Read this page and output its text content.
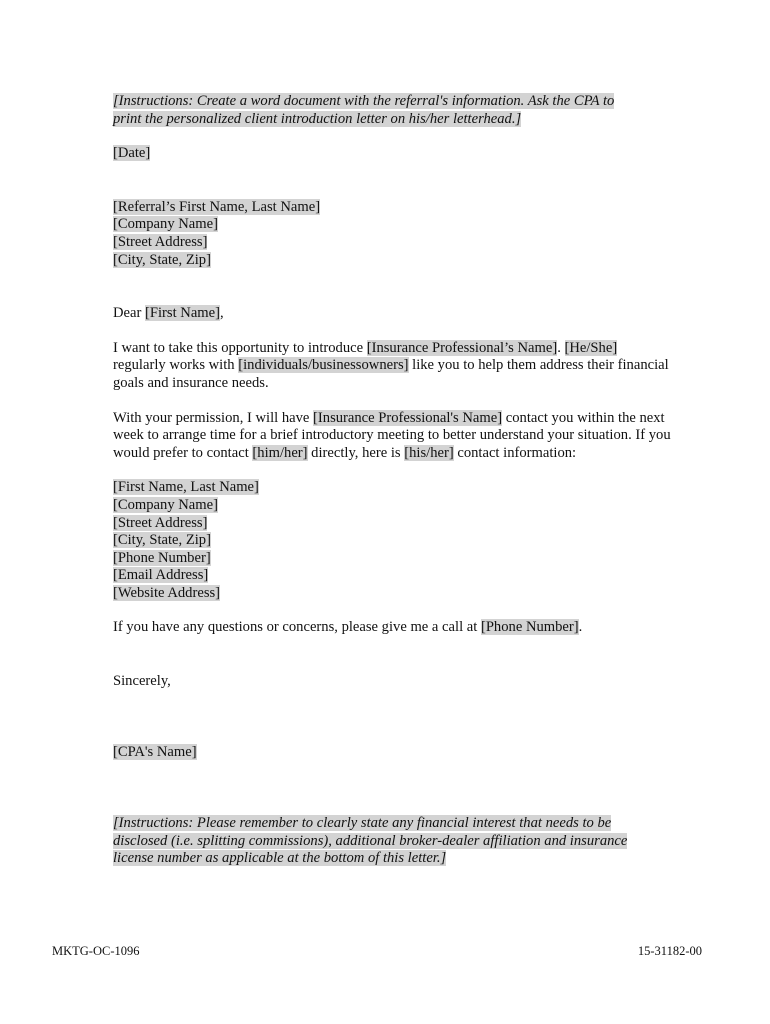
[Instructions: Create a word document with the referral's information. Ask the CPA to
print the personalized client introduction letter on his/her letterhead.]

[Date]

[Referral’s First Name, Last Name]
[Company Name]
[Street Address]
[City, State, Zip]

Dear [First Name],

I want to take this opportunity to introduce [Insurance Professional’s Name]. [He/She] regularly works with [individuals/businessowners] like you to help them address their financial goals and insurance needs.

With your permission, I will have [Insurance Professional's Name] contact you within the next week to arrange time for a brief introductory meeting to better understand your situation. If you would prefer to contact [him/her] directly, here is [his/her] contact information:

[First Name, Last Name]
[Company Name]
[Street Address]
[City, State, Zip]
[Phone Number]
[Email Address]
[Website Address]

If you have any questions or concerns, please give me a call at [Phone Number].

Sincerely,

[CPA's Name]

[Instructions: Please remember to clearly state any financial interest that needs to be
disclosed (i.e. splitting commissions), additional broker-dealer affiliation and insurance
license number as applicable at the bottom of this letter.]

MKTG-OC-1096	15-31182-00
